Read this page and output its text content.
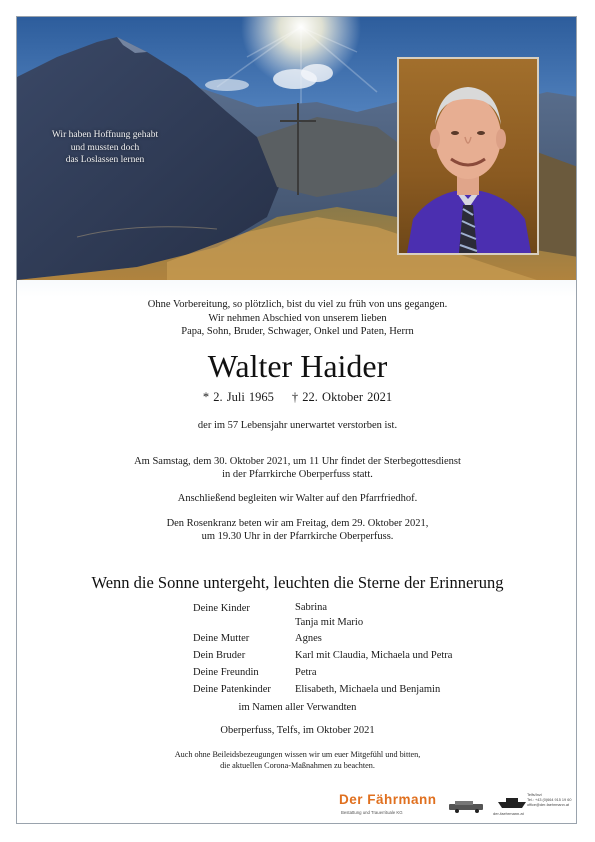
Wir haben Hoffnung gehabt
und mussten doch
das Loslassen lernen
Ohne Vorbereitung, so plötzlich, bist du viel zu früh von uns gegangen.
Wir nehmen Abschied von unserem lieben
Papa, Sohn, Bruder, Schwager, Onkel und Paten, Herrn
Walter Haider
* 2. Juli 1965 † 22. Oktober 2021
der im 57 Lebensjahr unerwartet verstorben ist.
Am Samstag, dem 30. Oktober 2021, um 11 Uhr findet der Sterbegottesdienst
in der Pfarrkirche Oberperfuss statt.
Anschließend begleiten wir Walter auf den Pfarrfriedhof.
Den Rosenkranz beten wir am Freitag, dem 29. Oktober 2021,
um 19.30 Uhr in der Pfarrkirche Oberperfuss.
Wenn die Sonne untergeht, leuchten die Sterne der Erinnerung
Deine Kinder	Sabrina
Tanja mit Mario
Deine Mutter	Agnes
Dein Bruder	Karl mit Claudia, Michaela und Petra
Deine Freundin	Petra
Deine Patenkinder	Elisabeth, Michaela und Benjamin
im Namen aller Verwandten
Oberperfuss, Telfs, im Oktober 2021
Auch ohne Beileidsbezeugungen wissen wir um euer Mitgefühl und bitten,
die aktuellen Corona-Maßnahmen zu beachten.
Der Fährmann
Bestattung und Trauerrituale KG	der-faehrmann.at
Telfs/Inzi
Tel.: +43 (0)664 915 19 60
office@der-faehrmann.at
